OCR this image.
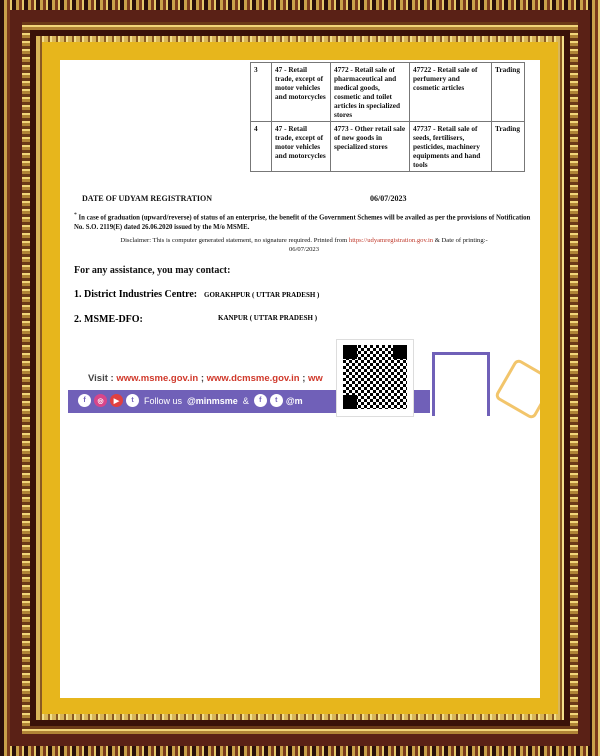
3	47 - Retail trade, except of motor vehicles and motorcycles	4772 - Retail sale of pharmaceutical and medical goods, cosmetic and toilet articles in specialized stores	47722 - Retail sale of perfumery and cosmetic articles	Trading
4	47 - Retail trade, except of motor vehicles and motorcycles	4773 - Other retail sale of new goods in specialized stores	47737 - Retail sale of seeds, fertilisers, pesticides, machinery equipments and hand tools	Trading
DATE OF UDYAM REGISTRATION	06/07/2023
* In case of graduation (upward/reverse) of status of an enterprise, the benefit of the Government Schemes will be availed as per the provisions of Notification No. S.O. 2119(E) dated 26.06.2020 issued by the M/o MSME.
Disclaimer: This is computer generated statement, no signature required. Printed from https://udyamregistration.gov.in & Date of printing:-
06/07/2023
For any assistance, you may contact:
1. District Industries Centre: GORAKHPUR ( UTTAR PRADESH )
2. MSME-DFO:	KANPUR ( UTTAR PRADESH )
Visit : www.msme.gov.in ; www.dcmsme.gov.in ; ww
f	◎	▶	t	Follow us @minmsme &	f	t @m
